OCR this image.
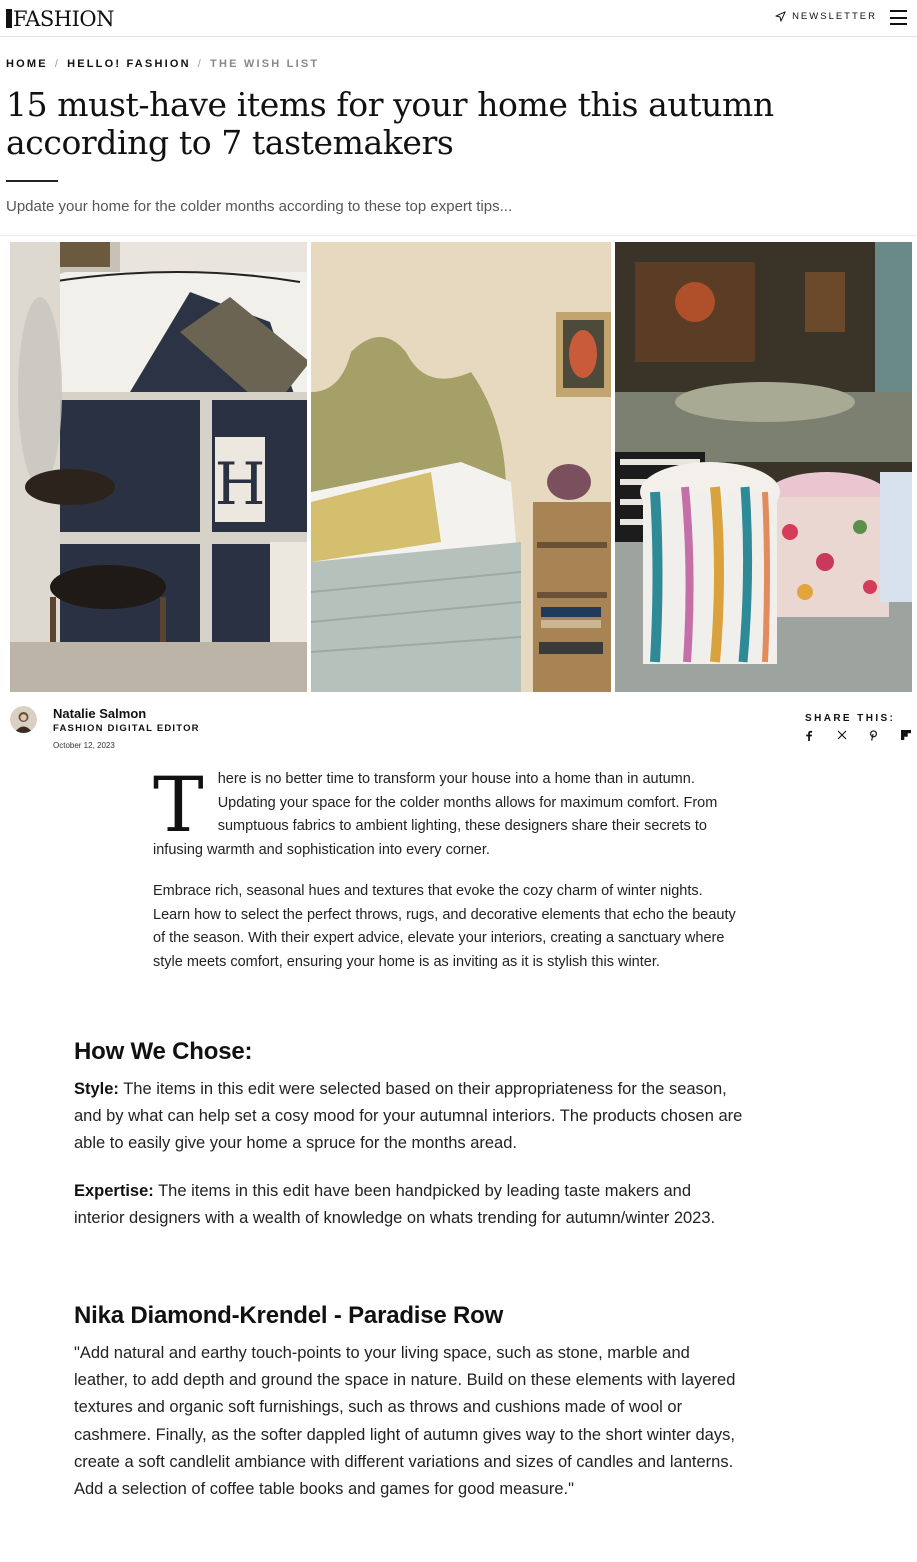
FASHION	NEWSLETTER
HOME / HELLO! FASHION / THE WISH LIST
15 must-have items for your home this autumn according to 7 tastemakers

Update your home for the colder months according to these top expert tips...

H
Natalie Salmon
FASHION DIGITAL EDITOR
October 12, 2023
SHARE THIS:

There is no better time to transform your house into a home than in autumn. Updating your space for the colder months allows for maximum comfort. From sumptuous fabrics to ambient lighting, these designers share their secrets to infusing warmth and sophistication into every corner.

Embrace rich, seasonal hues and textures that evoke the cozy charm of winter nights. Learn how to select the perfect throws, rugs, and decorative elements that echo the beauty of the season. With their expert advice, elevate your interiors, creating a sanctuary where style meets comfort, ensuring your home is as inviting as it is stylish this winter.

How We Chose:

Style: The items in this edit were selected based on their appropriateness for the season, and by what can help set a cosy mood for your autumnal interiors. The products chosen are able to easily give your home a spruce for the months aread.

Expertise: The items in this edit have been handpicked by leading taste makers and interior designers with a wealth of knowledge on whats trending for autumn/winter 2023.

Nika Diamond-Krendel - Paradise Row

"Add natural and earthy touch-points to your living space, such as stone, marble and leather, to add depth and ground the space in nature. Build on these elements with layered textures and organic soft furnishings, such as throws and cushions made of wool or cashmere. Finally, as the softer dappled light of autumn gives way to the short winter days, create a soft candlelit ambiance with different variations and sizes of candles and lanterns. Add a selection of coffee table books and games for good measure."
